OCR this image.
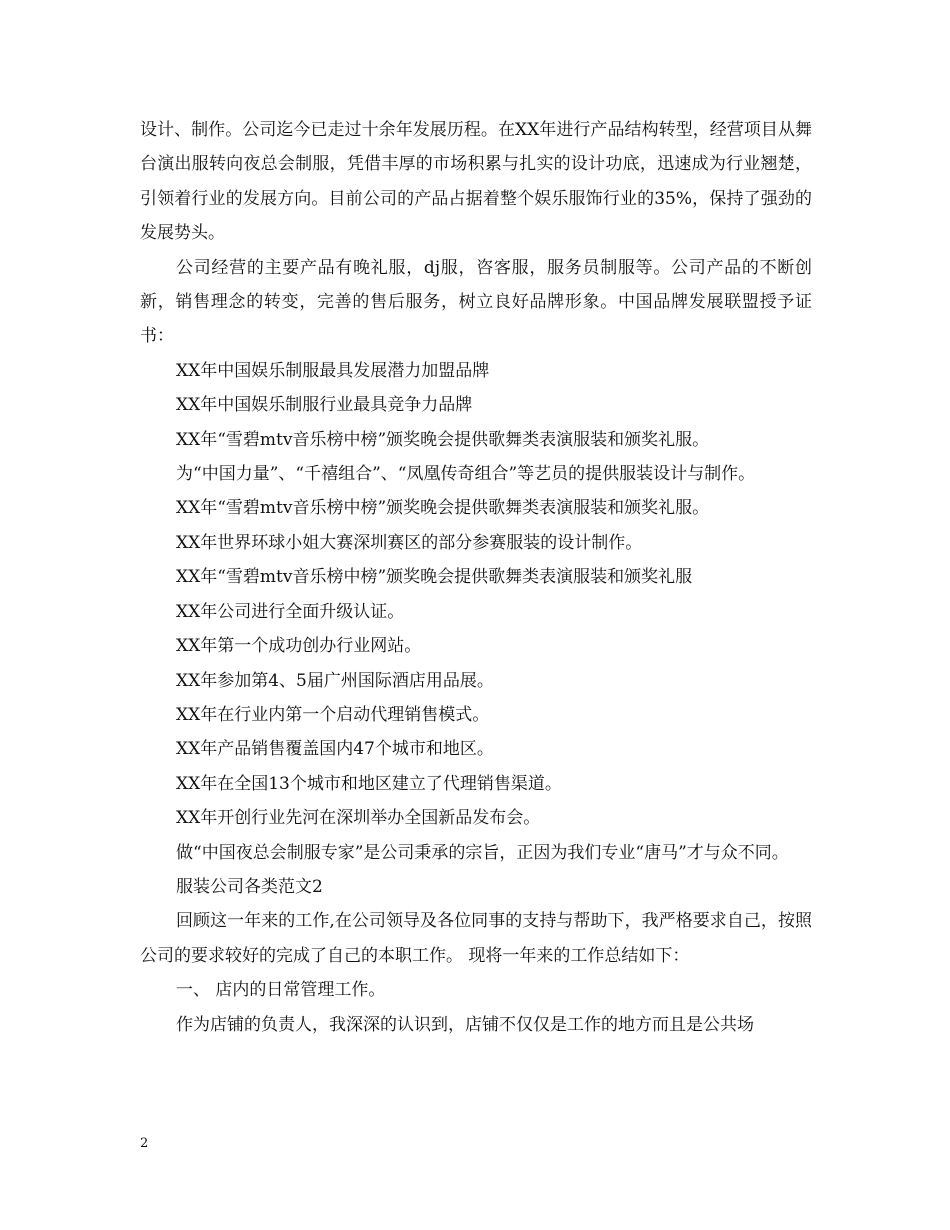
设计、制作。公司迄今已走过十余年发展历程。在XX年进行产品结构转型，经营项目从舞台演出服转向夜总会制服，凭借丰厚的市场积累与扎实的设计功底，迅速成为行业翘楚，引领着行业的发展方向。目前公司的产品占据着整个娱乐服饰行业的35%，保持了强劲的发展势头。

公司经营的主要产品有晚礼服，dj服，咨客服，服务员制服等。公司产品的不断创新，销售理念的转变，完善的售后服务，树立良好品牌形象。中国品牌发展联盟授予证书：

XX年中国娱乐制服最具发展潜力加盟品牌

XX年中国娱乐制服行业最具竞争力品牌

XX年“雪碧mtv音乐榜中榜”颁奖晚会提供歌舞类表演服装和颁奖礼服。

为“中国力量”、“千禧组合”、“凤凰传奇组合”等艺员的提供服装设计与制作。

XX年“雪碧mtv音乐榜中榜”颁奖晚会提供歌舞类表演服装和颁奖礼服。

XX年世界环球小姐大赛深圳赛区的部分参赛服装的设计制作。

XX年“雪碧mtv音乐榜中榜”颁奖晚会提供歌舞类表演服装和颁奖礼服

XX年公司进行全面升级认证。

XX年第一个成功创办行业网站。

XX年参加第4、5届广州国际酒店用品展。

XX年在行业内第一个启动代理销售模式。

XX年产品销售覆盖国内47个城市和地区。

XX年在全国13个城市和地区建立了代理销售渠道。

XX年开创行业先河在深圳举办全国新品发布会。

做“中国夜总会制服专家”是公司秉承的宗旨，正因为我们专业“唐马”才与众不同。

服装公司各类范文2

回顾这一年来的工作,在公司领导及各位同事的支持与帮助下，我严格要求自己，按照公司的要求较好的完成了自己的本职工作。 现将一年来的工作总结如下：

一、 店内的日常管理工作。

作为店铺的负责人，我深深的认识到，店铺不仅仅是工作的地方而且是公共场

2
